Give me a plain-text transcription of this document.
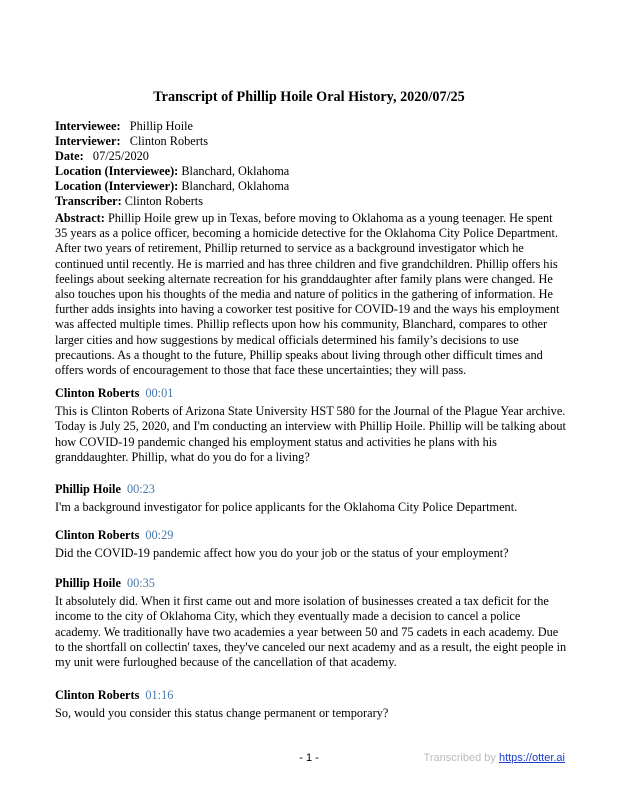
Transcript of Phillip Hoile Oral History, 2020/07/25
Interviewee: Phillip Hoile
Interviewer: Clinton Roberts
Date: 07/25/2020
Location (Interviewee): Blanchard, Oklahoma
Location (Interviewer): Blanchard, Oklahoma
Transcriber: Clinton Roberts
Abstract: Phillip Hoile grew up in Texas, before moving to Oklahoma as a young teenager. He spent 35 years as a police officer, becoming a homicide detective for the Oklahoma City Police Department. After two years of retirement, Phillip returned to service as a background investigator which he continued until recently. He is married and has three children and five grandchildren. Phillip offers his feelings about seeking alternate recreation for his granddaughter after family plans were changed. He also touches upon his thoughts of the media and nature of politics in the gathering of information. He further adds insights into having a coworker test positive for COVID-19 and the ways his employment was affected multiple times. Phillip reflects upon how his community, Blanchard, compares to other larger cities and how suggestions by medical officials determined his family’s decisions to use precautions. As a thought to the future, Phillip speaks about living through other difficult times and offers words of encouragement to those that face these uncertainties; they will pass.
Clinton Roberts 00:01
This is Clinton Roberts of Arizona State University HST 580 for the Journal of the Plague Year archive. Today is July 25, 2020, and I'm conducting an interview with Phillip Hoile. Phillip will be talking about how COVID-19 pandemic changed his employment status and activities he plans with his granddaughter. Phillip, what do you do for a living?
Phillip Hoile 00:23
I'm a background investigator for police applicants for the Oklahoma City Police Department.
Clinton Roberts 00:29
Did the COVID-19 pandemic affect how you do your job or the status of your employment?
Phillip Hoile 00:35
It absolutely did. When it first came out and more isolation of businesses created a tax deficit for the income to the city of Oklahoma City, which they eventually made a decision to cancel a police academy. We traditionally have two academies a year between 50 and 75 cadets in each academy. Due to the shortfall on collectin' taxes, they've canceled our next academy and as a result, the eight people in my unit were furloughed because of the cancellation of that academy.
Clinton Roberts 01:16
So, would you consider this status change permanent or temporary?
- 1 -	Transcribed by https://otter.ai
